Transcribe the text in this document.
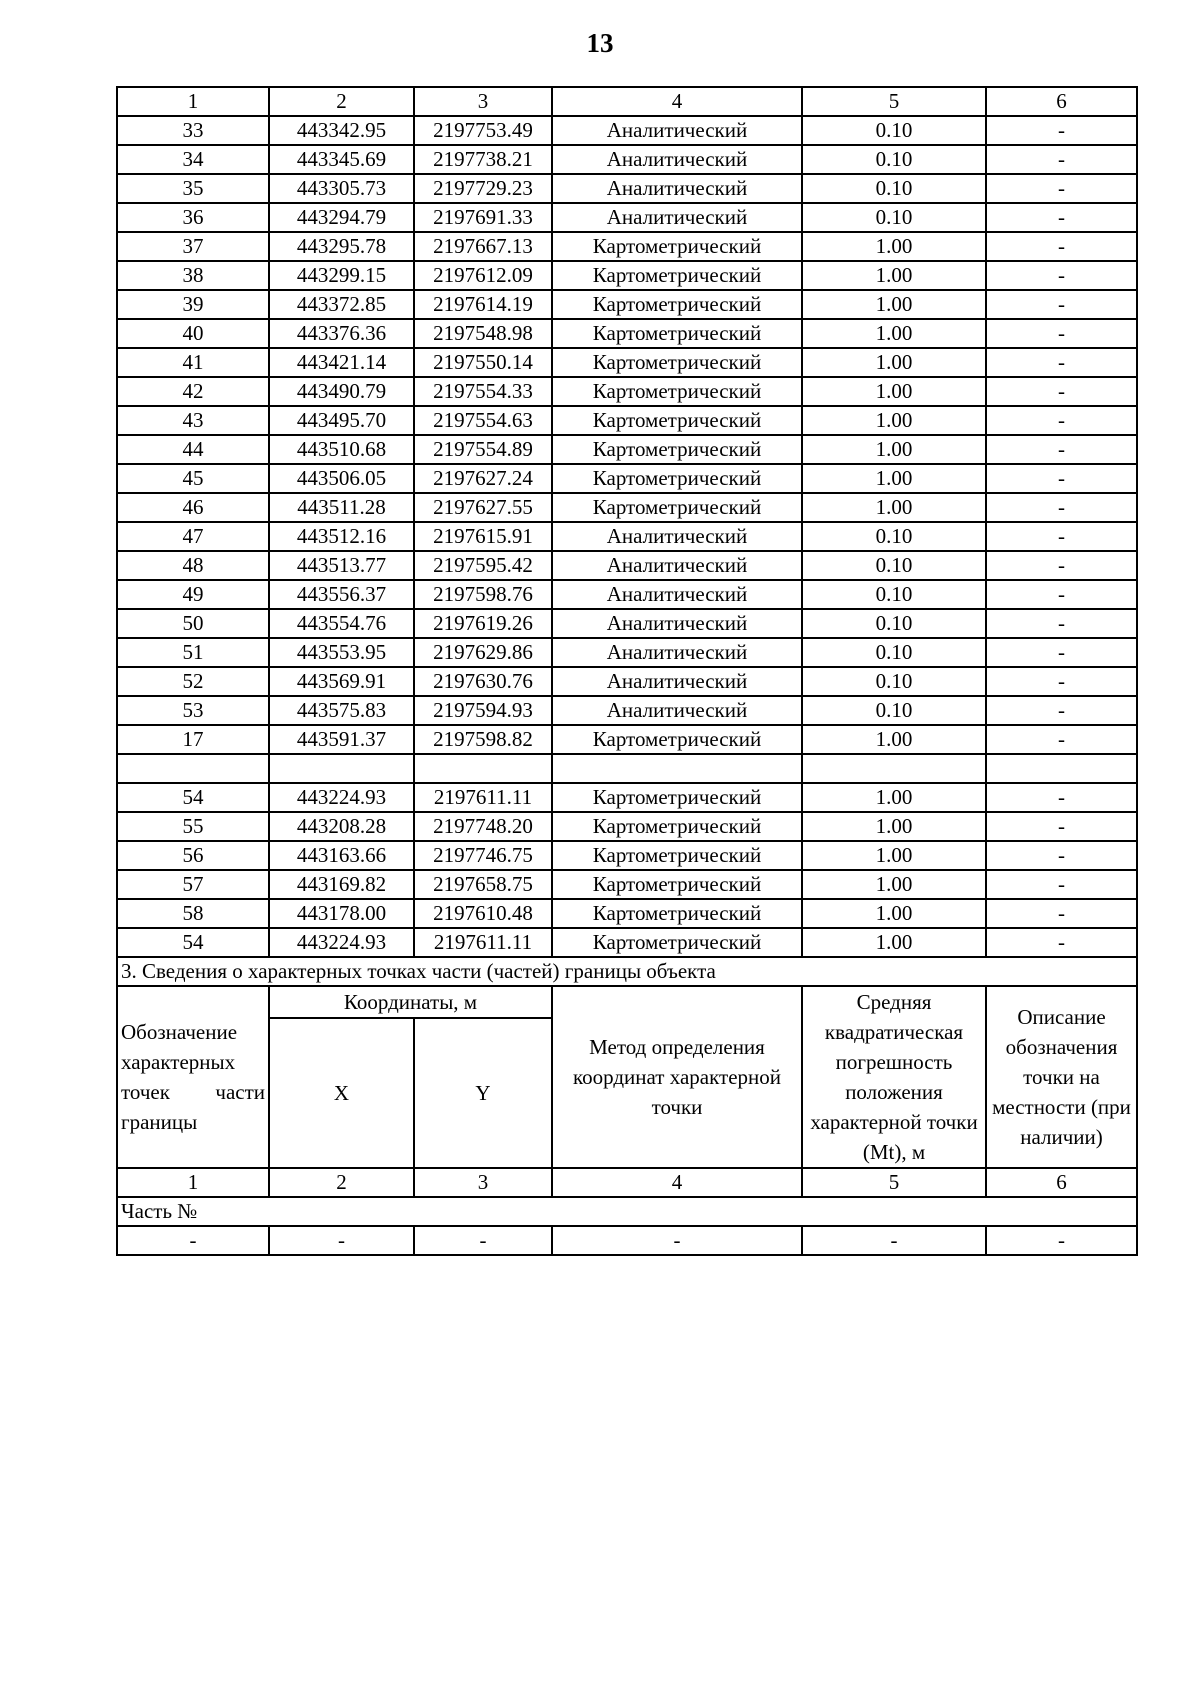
13
1	2	3	4	5	6
33	443342.95	2197753.49	Аналитический	0.10	-
34	443345.69	2197738.21	Аналитический	0.10	-
35	443305.73	2197729.23	Аналитический	0.10	-
36	443294.79	2197691.33	Аналитический	0.10	-
37	443295.78	2197667.13	Картометрический	1.00	-
38	443299.15	2197612.09	Картометрический	1.00	-
39	443372.85	2197614.19	Картометрический	1.00	-
40	443376.36	2197548.98	Картометрический	1.00	-
41	443421.14	2197550.14	Картометрический	1.00	-
42	443490.79	2197554.33	Картометрический	1.00	-
43	443495.70	2197554.63	Картометрический	1.00	-
44	443510.68	2197554.89	Картометрический	1.00	-
45	443506.05	2197627.24	Картометрический	1.00	-
46	443511.28	2197627.55	Картометрический	1.00	-
47	443512.16	2197615.91	Аналитический	0.10	-
48	443513.77	2197595.42	Аналитический	0.10	-
49	443556.37	2197598.76	Аналитический	0.10	-
50	443554.76	2197619.26	Аналитический	0.10	-
51	443553.95	2197629.86	Аналитический	0.10	-
52	443569.91	2197630.76	Аналитический	0.10	-
53	443575.83	2197594.93	Аналитический	0.10	-
17	443591.37	2197598.82	Картометрический	1.00	-

54	443224.93	2197611.11	Картометрический	1.00	-
55	443208.28	2197748.20	Картометрический	1.00	-
56	443163.66	2197746.75	Картометрический	1.00	-
57	443169.82	2197658.75	Картометрический	1.00	-
58	443178.00	2197610.48	Картометрический	1.00	-
54	443224.93	2197611.11	Картометрический	1.00	-
3. Сведения о характерных точках части (частей) границы объекта					
Обозначение характерных точек части границы	Координаты, м		Метод определения координат характерной точки	Средняя квадратическая погрешность положения характерной точки (Mt), м	Описание обозначения точки на местности (при наличии)
	X	Y			
1	2	3	4	5	6
Часть №					
-	-	-	-	-	-
